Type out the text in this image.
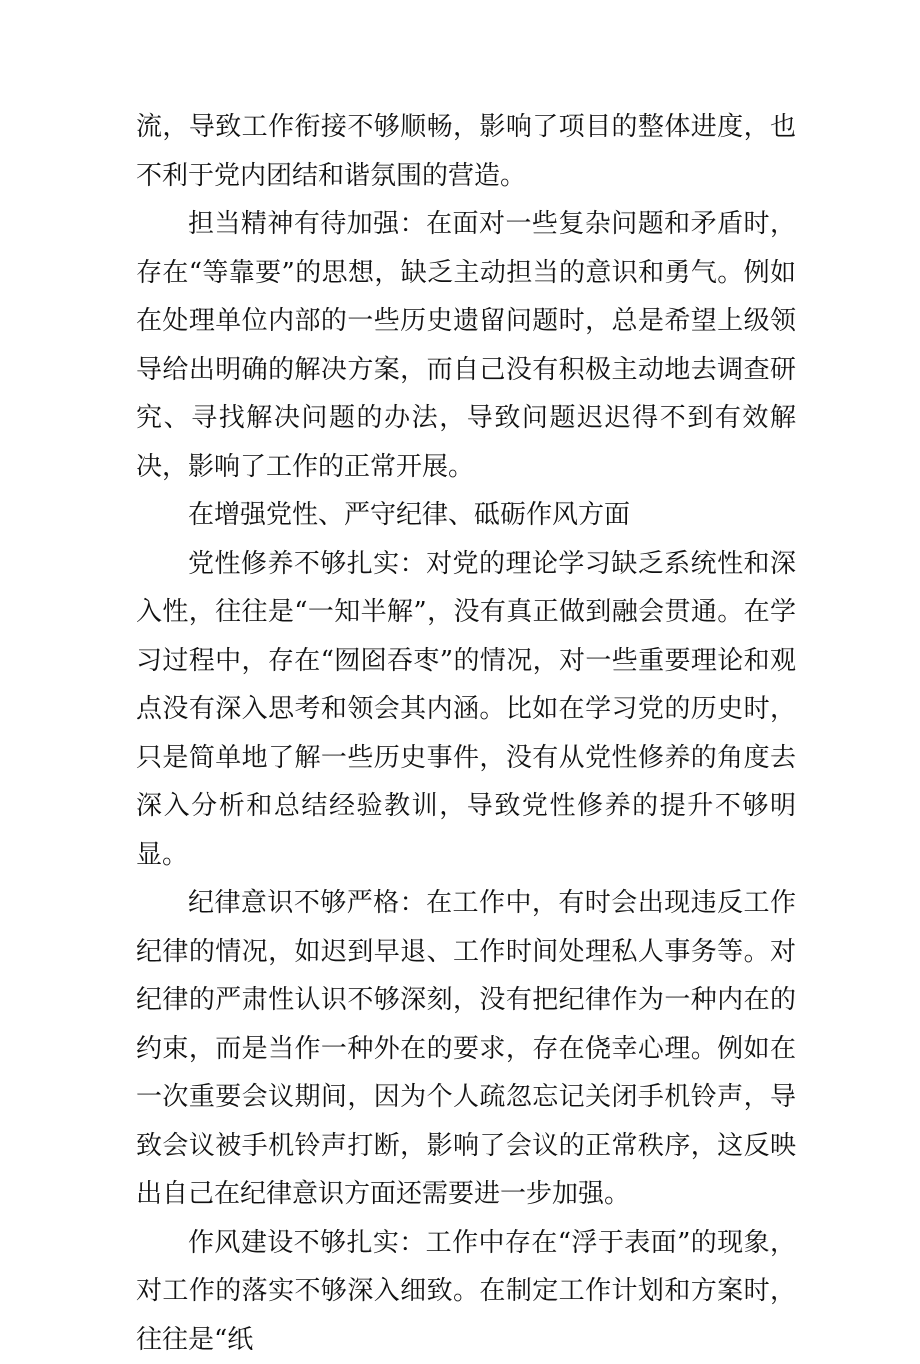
流，导致工作衔接不够顺畅，影响了项目的整体进度，也不利于党内团结和谐氛围的营造。

担当精神有待加强：在面对一些复杂问题和矛盾时，存在“等靠要”的思想，缺乏主动担当的意识和勇气。例如在处理单位内部的一些历史遗留问题时，总是希望上级领导给出明确的解决方案，而自己没有积极主动地去调查研究、寻找解决问题的办法，导致问题迟迟得不到有效解决，影响了工作的正常开展。

在增强党性、严守纪律、砥砺作风方面

党性修养不够扎实：对党的理论学习缺乏系统性和深入性，往往是“一知半解”，没有真正做到融会贯通。在学习过程中，存在“囫囵吞枣”的情况，对一些重要理论和观点没有深入思考和领会其内涵。比如在学习党的历史时，只是简单地了解一些历史事件，没有从党性修养的角度去深入分析和总结经验教训，导致党性修养的提升不够明显。

纪律意识不够严格：在工作中，有时会出现违反工作纪律的情况，如迟到早退、工作时间处理私人事务等。对纪律的严肃性认识不够深刻，没有把纪律作为一种内在的约束，而是当作一种外在的要求，存在侥幸心理。例如在一次重要会议期间，因为个人疏忽忘记关闭手机铃声，导致会议被手机铃声打断，影响了会议的正常秩序，这反映出自己在纪律意识方面还需要进一步加强。

作风建设不够扎实：工作中存在“浮于表面”的现象，对工作的落实不够深入细致。在制定工作计划和方案时，往往是“纸
